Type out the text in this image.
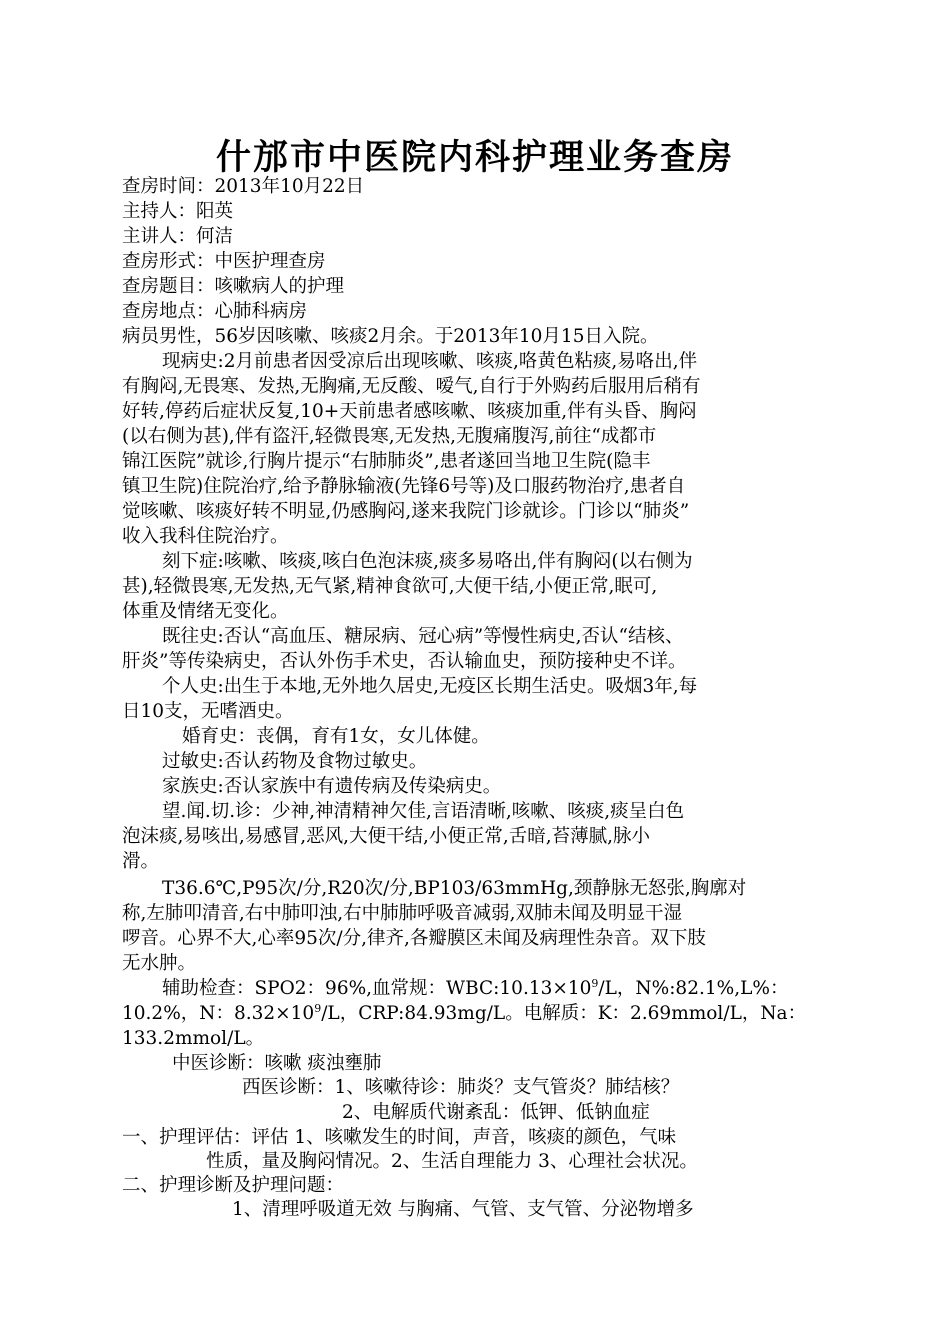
什邡市中医院内科护理业务查房
查房时间：2013年10月22日
主持人：阳英
主讲人：何洁
查房形式：中医护理查房
查房题目：咳嗽病人的护理
查房地点：心肺科病房
病员男性，56岁因咳嗽、咳痰2月余。于2013年10月15日入院。
现病史:2月前患者因受凉后出现咳嗽、咳痰,咯黄色粘痰,易咯出,伴
有胸闷,无畏寒、发热,无胸痛,无反酸、嗳气,自行于外购药后服用后稍有
好转,停药后症状反复,10+天前患者感咳嗽、咳痰加重,伴有头昏、胸闷
(以右侧为甚),伴有盗汗,轻微畏寒,无发热,无腹痛腹泻,前往“成都市
锦江医院”就诊,行胸片提示“右肺肺炎”,患者遂回当地卫生院(隐丰
镇卫生院)住院治疗,给予静脉输液(先锋6号等)及口服药物治疗,患者自
觉咳嗽、咳痰好转不明显,仍感胸闷,遂来我院门诊就诊。门诊以“肺炎”
收入我科住院治疗。
刻下症:咳嗽、咳痰,咳白色泡沫痰,痰多易咯出,伴有胸闷(以右侧为
甚),轻微畏寒,无发热,无气紧,精神食欲可,大便干结,小便正常,眠可,
体重及情绪无变化。
既往史:否认“高血压、糖尿病、冠心病”等慢性病史,否认“结核、
肝炎”等传染病史，否认外伤手术史，否认输血史，预防接种史不详。
个人史:出生于本地,无外地久居史,无疫区长期生活史。吸烟3年,每
日10支，无嗜酒史。
婚育史：丧偶，育有1女，女儿体健。
过敏史:否认药物及食物过敏史。
家族史:否认家族中有遗传病及传染病史。
望.闻.切.诊：少神,神清精神欠佳,言语清晰,咳嗽、咳痰,痰呈白色
泡沫痰,易咳出,易感冒,恶风,大便干结,小便正常,舌暗,苔薄腻,脉小
滑。
T36.6℃,P95次/分,R20次/分,BP103/63mmHg,颈静脉无怒张,胸廓对
称,左肺叩清音,右中肺叩浊,右中肺肺呼吸音减弱,双肺未闻及明显干湿
啰音。心界不大,心率95次/分,律齐,各瓣膜区未闻及病理性杂音。双下肢
无水肿。
辅助检查：SPO2：96%,血常规：$WBC:10.13\times 10^9/L$，N%:82.1%,L%：
10.2%，N：$8.32\times 10^9/L$，CRP:84.93mg/L。电解质：K：2.69mmol/L，Na：
133.2mmol/L。
中医诊断：咳嗽 痰浊壅肺
西医诊断：1、咳嗽待诊：肺炎？支气管炎？肺结核？
2、电解质代谢紊乱：低钾、低钠血症
一、护理评估：评估 1、咳嗽发生的时间，声音，咳痰的颜色，气味
性质，量及胸闷情况。2、生活自理能力 3、心理社会状况。
二、护理诊断及护理问题：
1、清理呼吸道无效 与胸痛、气管、支气管、分泌物增多
